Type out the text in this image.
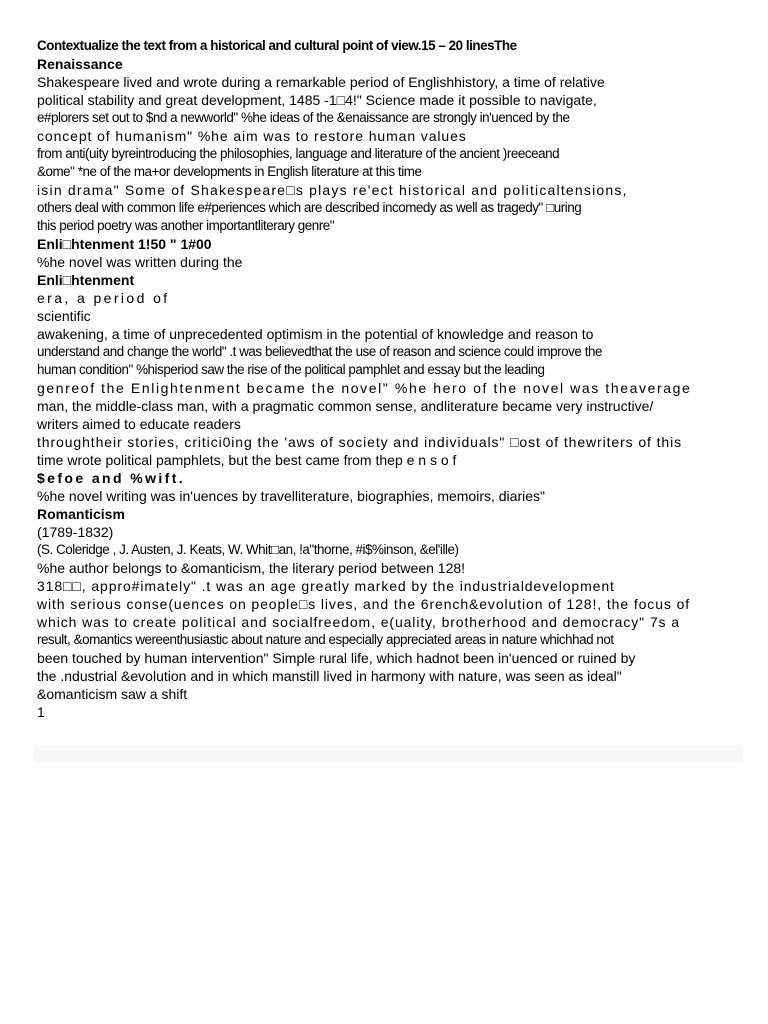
Contextualize the text from a historical and cultural point of view.15 – 20 linesThe
Renaissance
Shakespeare lived and wrote during a remarkable period of Englishhistory, a time of relative
political stability and great development, 1485 -1□4!" Science made it possible to navigate,
e#plorers set out to $nd a newworld" %he ideas of the &enaissance are strongly in'uenced by the
concept of humanism" %he aim was to restore human values
from anti(uity byreintroducing the philosophies, language and literature of the ancient )reeceand
&ome" *ne of the ma+or developments in English literature at this time
isin drama" Some of Shakespeare□s plays re'ect historical and politicaltensions,
others deal with common life e#periences which are described incomedy as well as tragedy" □uring
this period poetry was another importantliterary genre"
Enli□htenment 1!50 " 1#00
%he novel was written during the
Enli□htenment
era, a period of
scientific
awakening, a time of unprecedented optimism in the potential of knowledge and reason to
understand and change the world" .t was believedthat the use of reason and science could improve the
human condition" %hisperiod saw the rise of the political pamphlet and essay but the leading
genreof the Enlightenment became the novel" %he hero of the novel was theaverage
man, the middle-class man, with a pragmatic common sense, andliterature became very instructive/
writers aimed to educate readers
throughtheir stories, critici0ing the 'aws of society and individuals" □ost of thewriters of this
time wrote political pamphlets, but the best came from thep e n s o f
$efoe and %wift.
%he novel writing was in'uences by travelliterature, biographies, memoirs, diaries"
Romanticism
(1789-1832)
(S. Coleridge , J. Austen, J. Keats, W. Whit□an, !a"thorne, #i$%inson, &el'ille)
%he author belongs to &omanticism, the literary period between 128!
318□□, appro#imately" .t was an age greatly marked by the industrialdevelopment
with serious conse(uences on people□s lives, and the 6rench&evolution of 128!, the focus of
which was to create political and socialfreedom, e(uality, brotherhood and democracy" 7s a
result, &omantics wereenthusiastic about nature and especially appreciated areas in nature whichhad not
been touched by human intervention" Simple rural life, which hadnot been in'uenced or ruined by
the .ndustrial &evolution and in which manstill lived in harmony with nature, was seen as ideal"
&omanticism saw a shift
1
